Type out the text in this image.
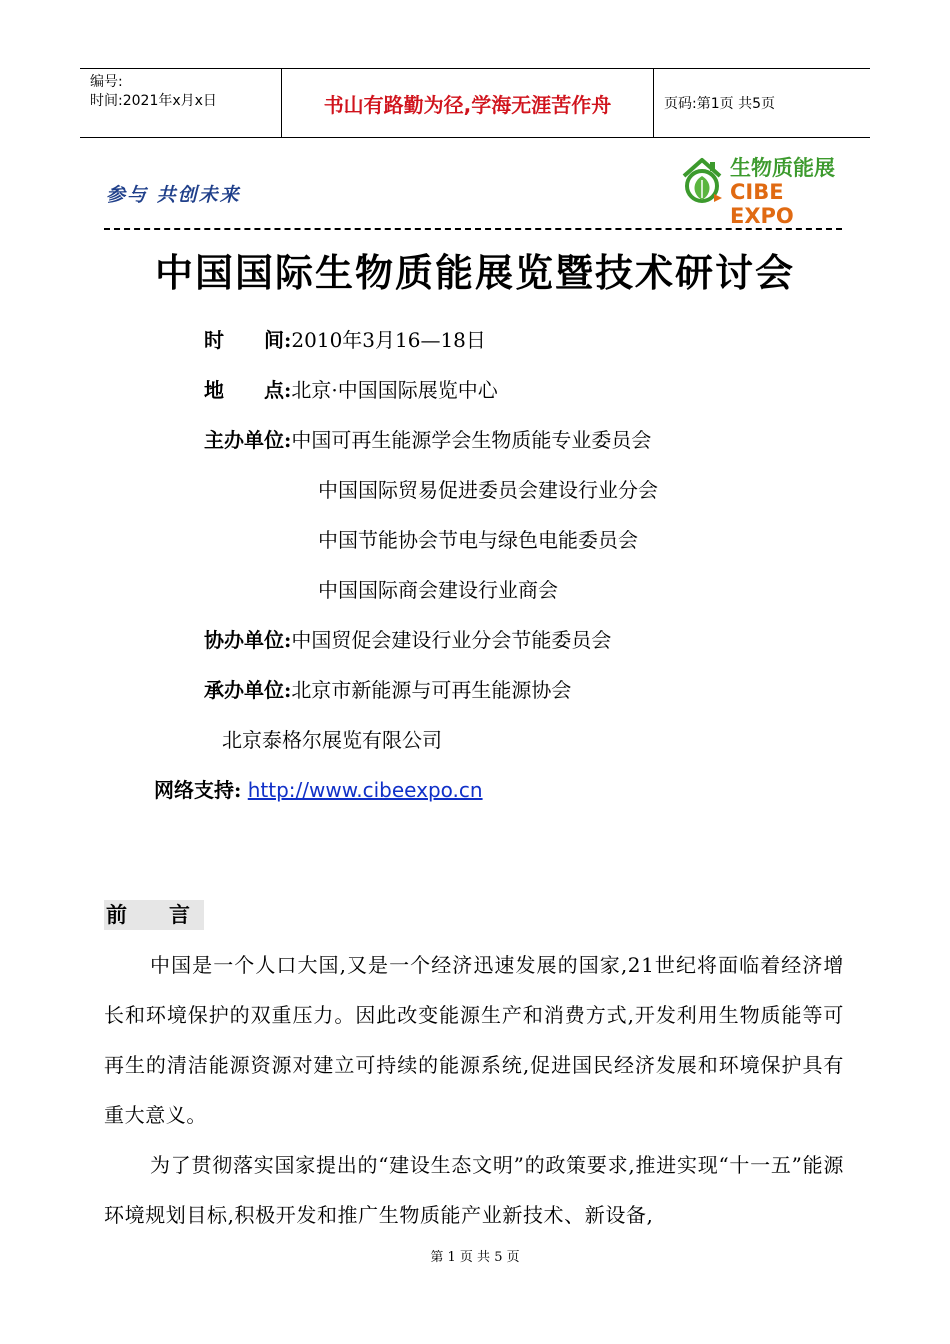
编号:
时间:2021年x月x日	书山有路勤为径,学海无涯苦作舟	页码:第1页 共5页
参与 共创未来
生物质能展
CIBE EXPO
中国国际生物质能展览暨技术研讨会
时　　间:2010年3月16—18日
地　　点:北京·中国国际展览中心
主办单位:中国可再生能源学会生物质能专业委员会
中国国际贸易促进委员会建设行业分会
中国节能协会节电与绿色电能委员会
中国国际商会建设行业商会
协办单位:中国贸促会建设行业分会节能委员会
承办单位:北京市新能源与可再生能源协会
北京泰格尔展览有限公司
网络支持: http://www.cibeexpo.cn
前　　言
中国是一个人口大国,又是一个经济迅速发展的国家,21世纪将面临着经济增长和环境保护的双重压力。因此改变能源生产和消费方式,开发利用生物质能等可再生的清洁能源资源对建立可持续的能源系统,促进国民经济发展和环境保护具有重大意义。
为了贯彻落实国家提出的“建设生态文明”的政策要求,推进实现“十一五”能源环境规划目标,积极开发和推广生物质能产业新技术、新设备,
第 1 页 共 5 页
